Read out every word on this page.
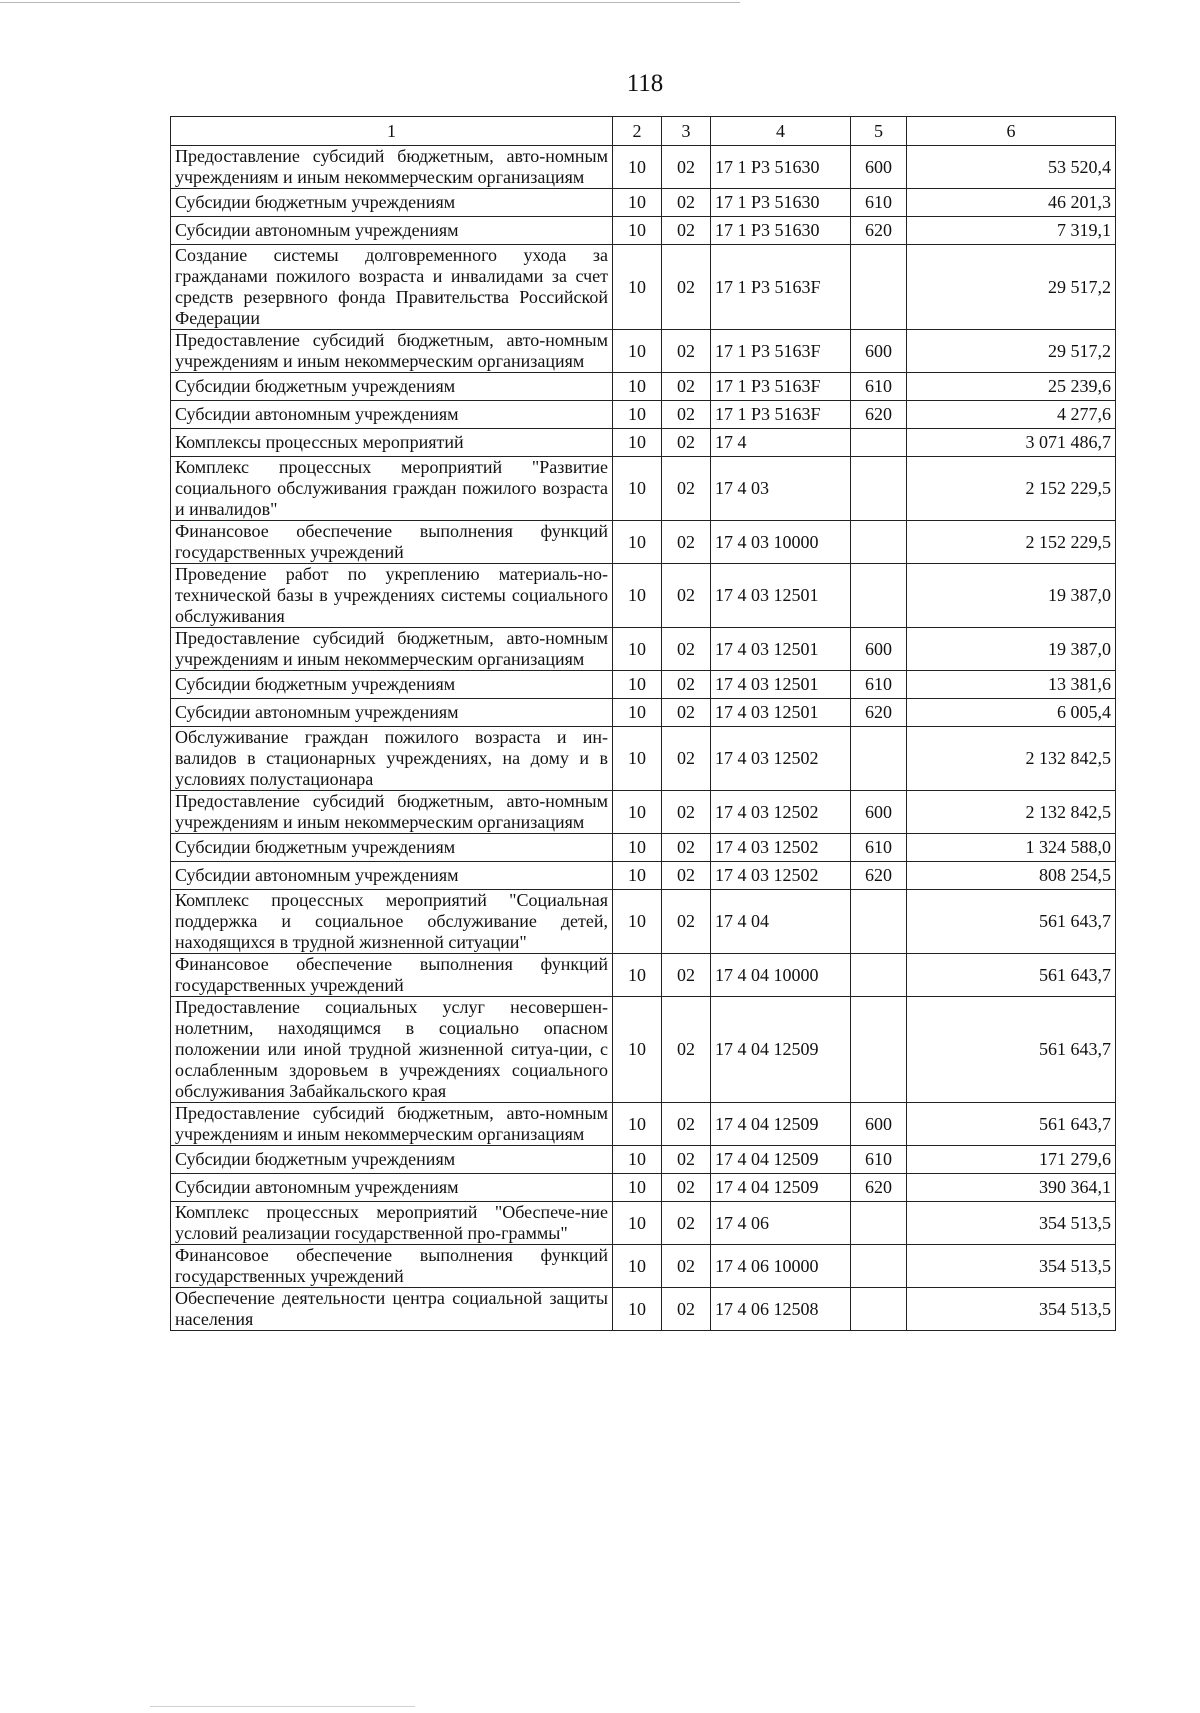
118
1	2	3	4	5	6
Предоставление субсидий бюджетным, авто-номным учреждениям и иным некоммерческим организациям	10	02	17 1 Р3 51630	600	53 520,4
Субсидии бюджетным учреждениям	10	02	17 1 Р3 51630	610	46 201,3
Субсидии автономным учреждениям	10	02	17 1 Р3 51630	620	7 319,1
Создание системы долговременного ухода за гражданами пожилого возраста и инвалидами за счет средств резервного фонда Правительства Российской Федерации	10	02	17 1 Р3 5163F		29 517,2
Предоставление субсидий бюджетным, авто-номным учреждениям и иным некоммерческим организациям	10	02	17 1 Р3 5163F	600	29 517,2
Субсидии бюджетным учреждениям	10	02	17 1 Р3 5163F	610	25 239,6
Субсидии автономным учреждениям	10	02	17 1 Р3 5163F	620	4 277,6
Комплексы процессных мероприятий	10	02	17 4		3 071 486,7
Комплекс процессных мероприятий "Развитие социального обслуживания граждан пожилого возраста и инвалидов"	10	02	17 4 03		2 152 229,5
Финансовое обеспечение выполнения функций государственных учреждений	10	02	17 4 03 10000		2 152 229,5
Проведение работ по укреплению материаль-но-технической базы в учреждениях системы социального обслуживания	10	02	17 4 03 12501		19 387,0
Предоставление субсидий бюджетным, авто-номным учреждениям и иным некоммерческим организациям	10	02	17 4 03 12501	600	19 387,0
Субсидии бюджетным учреждениям	10	02	17 4 03 12501	610	13 381,6
Субсидии автономным учреждениям	10	02	17 4 03 12501	620	6 005,4
Обслуживание граждан пожилого возраста и ин-валидов в стационарных учреждениях, на дому и в условиях полустационара	10	02	17 4 03 12502		2 132 842,5
Предоставление субсидий бюджетным, авто-номным учреждениям и иным некоммерческим организациям	10	02	17 4 03 12502	600	2 132 842,5
Субсидии бюджетным учреждениям	10	02	17 4 03 12502	610	1 324 588,0
Субсидии автономным учреждениям	10	02	17 4 03 12502	620	808 254,5
Комплекс процессных мероприятий "Социальная поддержка и социальное обслуживание детей, находящихся в трудной жизненной ситуации"	10	02	17 4 04		561 643,7
Финансовое обеспечение выполнения функций государственных учреждений	10	02	17 4 04 10000		561 643,7
Предоставление социальных услуг несовершен-нолетним, находящимся в социально опасном положении или иной трудной жизненной ситуа-ции, с ослабленным здоровьем в учреждениях социального обслуживания Забайкальского края	10	02	17 4 04 12509		561 643,7
Предоставление субсидий бюджетным, авто-номным учреждениям и иным некоммерческим организациям	10	02	17 4 04 12509	600	561 643,7
Субсидии бюджетным учреждениям	10	02	17 4 04 12509	610	171 279,6
Субсидии автономным учреждениям	10	02	17 4 04 12509	620	390 364,1
Комплекс процессных мероприятий "Обеспече-ние условий реализации государственной про-граммы"	10	02	17 4 06		354 513,5
Финансовое обеспечение выполнения функций государственных учреждений	10	02	17 4 06 10000		354 513,5
Обеспечение деятельности центра социальной защиты населения	10	02	17 4 06 12508		354 513,5
